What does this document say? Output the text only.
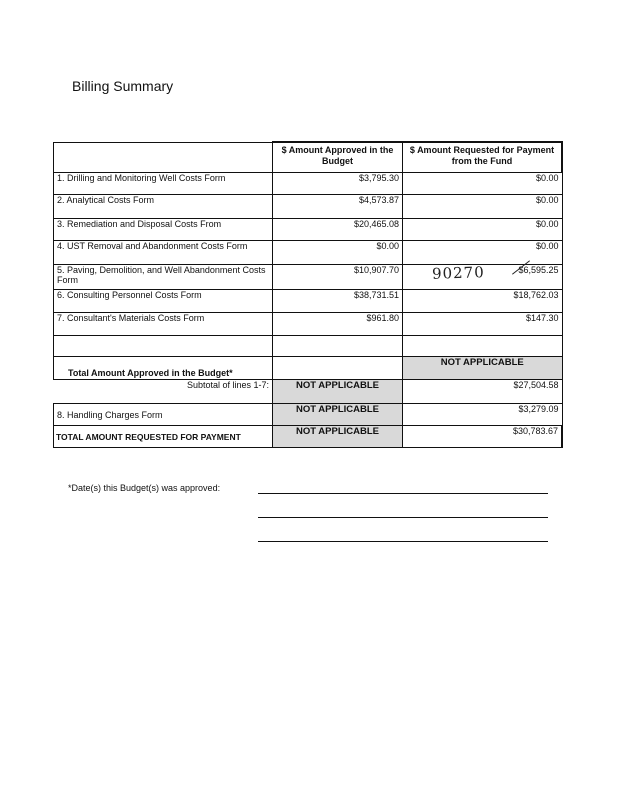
Billing Summary
	$ Amount Approved in the Budget	$ Amount Requested for Payment from the Fund
1. Drilling and Monitoring Well Costs Form	$3,795.30	$0.00
2. Analytical Costs Form	$4,573.87	$0.00
3. Remediation and Disposal Costs From	$20,465.08	$0.00
4. UST Removal and Abandonment Costs Form	$0.00	$0.00
5. Paving, Demolition, and Well Abandonment Costs Form	$10,907.70	$6,595.25
6. Consulting Personnel Costs Form	$38,731.51	$18,762.03
7. Consultant's Materials Costs Form	$961.80	$147.30

Total Amount Approved in the Budget*		NOT APPLICABLE
Subtotal of lines 1-7:	NOT APPLICABLE	$27,504.58
8. Handling Charges Form	NOT APPLICABLE	$3,279.09
TOTAL AMOUNT REQUESTED FOR PAYMENT	NOT APPLICABLE	$30,783.67
90270
*Date(s) this Budget(s) was approved:
